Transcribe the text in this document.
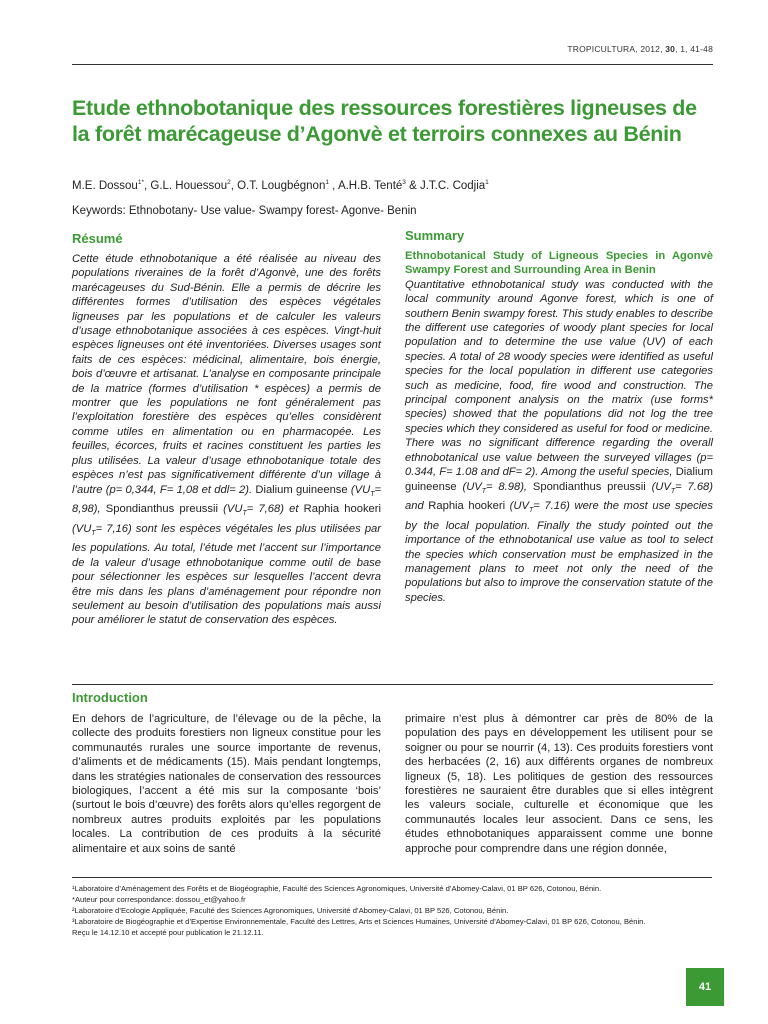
TROPICULTURA, 2012, 30, 1, 41-48
Etude ethnobotanique des ressources forestières ligneuses de la forêt marécageuse d’Agonvè et terroirs connexes au Bénin
M.E. Dossou$^{1*}$, G.L. Houessou$^2$, O.T. Lougbégnon$^1$ , A.H.B. Tenté$^3$ & J.T.C. Codjia$^1$
Keywords: Ethnobotany- Use value- Swampy forest- Agonve- Benin
Résumé
Cette étude ethnobotanique a été réalisée au niveau des populations riveraines de la forêt d’Agonvè, une des forêts marécageuses du Sud-Bénin. Elle a permis de décrire les différentes formes d’utilisation des espèces végétales ligneuses par les populations et de calculer les valeurs d’usage ethnobotanique associées à ces espèces. Vingt-huit espèces ligneuses ont été inventoriées. Diverses usages sont faits de ces espèces: médicinal, alimentaire, bois énergie, bois d’œuvre et artisanat. L’analyse en composante principale de la matrice (formes d’utilisation * espèces) a permis de montrer que les populations ne font généralement pas l’exploitation forestière des espèces qu’elles considèrent comme utiles en alimentation ou en pharmacopée. Les feuilles, écorces, fruits et racines constituent les parties les plus utilisées. La valeur d’usage ethnobotanique totale des espèces n’est pas significativement différente d’un village à l’autre (p= 0,344, F= 1,08 et ddl= 2). Dialium guineense $(VU_T= 8,98)$, Spondianthus preussii $(VU_T= 7,68)$ et Raphia hookeri $(VU_T= 7,16)$ sont les espèces végétales les plus utilisées par les populations. Au total, l’étude met l’accent sur l’importance de la valeur d’usage ethnobotanique comme outil de base pour sélectionner les espèces sur lesquelles l’accent devra être mis dans les plans d’aménagement pour répondre non seulement au besoin d’utilisation des populations mais aussi pour améliorer le statut de conservation des espèces.
Summary
Ethnobotanical Study of Ligneous Species in Agonvè Swampy Forest and Surrounding Area in Benin
Quantitative ethnobotanical study was conducted with the local community around Agonve forest, which is one of southern Benin swampy forest. This study enables to describe the different use categories of woody plant species for local population and to determine the use value (UV) of each species. A total of 28 woody species were identified as useful species for the local population in different use categories such as medicine, food, fire wood and construction. The principal component analysis on the matrix (use forms* species) showed that the populations did not log the tree species which they considered as useful for food or medicine. There was no significant difference regarding the overall ethnobotanical use value between the surveyed villages (p= 0.344, F= 1.08 and dF= 2). Among the useful species, Dialium guineense $(UV_T= 8.98)$, Spondianthus preussii $(UV_T= 7.68)$ and Raphia hookeri $(UV_T= 7.16)$ were the most use species by the local population. Finally the study pointed out the importance of the ethnobotanical use value as tool to select the species which conservation must be emphasized in the management plans to meet not only the need of the populations but also to improve the conservation statute of the species.
Introduction
En dehors de l’agriculture, de l’élevage ou de la pêche, la collecte des produits forestiers non ligneux constitue pour les communautés rurales une source importante de revenus, d’aliments et de médicaments (15). Mais pendant longtemps, dans les stratégies nationales de conservation des ressources biologiques, l’accent a été mis sur la composante ‘bois’ (surtout le bois d’œuvre) des forêts alors qu’elles regorgent de nombreux autres produits exploités par les populations locales. La contribution de ces produits à la sécurité alimentaire et aux soins de santé
primaire n’est plus à démontrer car près de 80% de la population des pays en développement les utilisent pour se soigner ou pour se nourrir (4, 13). Ces produits forestiers vont des herbacées (2, 16) aux différents organes de nombreux ligneux (5, 18). Les politiques de gestion des ressources forestières ne sauraient être durables que si elles intègrent les valeurs sociale, culturelle et économique que les communautés locales leur associent. Dans ce sens, les études ethnobotaniques apparaissent comme une bonne approche pour comprendre dans une région donnée,
¹Laboratoire d’Aménagement des Forêts et de Biogéographie, Faculté des Sciences Agronomiques, Université d’Abomey-Calavi, 01 BP 626, Cotonou, Bénin.
*Auteur pour correspondance: dossou_et@yahoo.fr
²Laboratoire d’Ecologie Appliquée, Faculté des Sciences Agronomiques, Université d’Abomey-Calavi, 01 BP 526, Cotonou, Bénin.
³Laboratoire de Biogéographie et d’Expertise Environnementale, Faculté des Lettres, Arts et Sciences Humaines, Université d’Abomey-Calavi, 01 BP 626, Cotonou, Bénin.
Reçu le 14.12.10 et accepté pour publication le 21.12.11.
41
